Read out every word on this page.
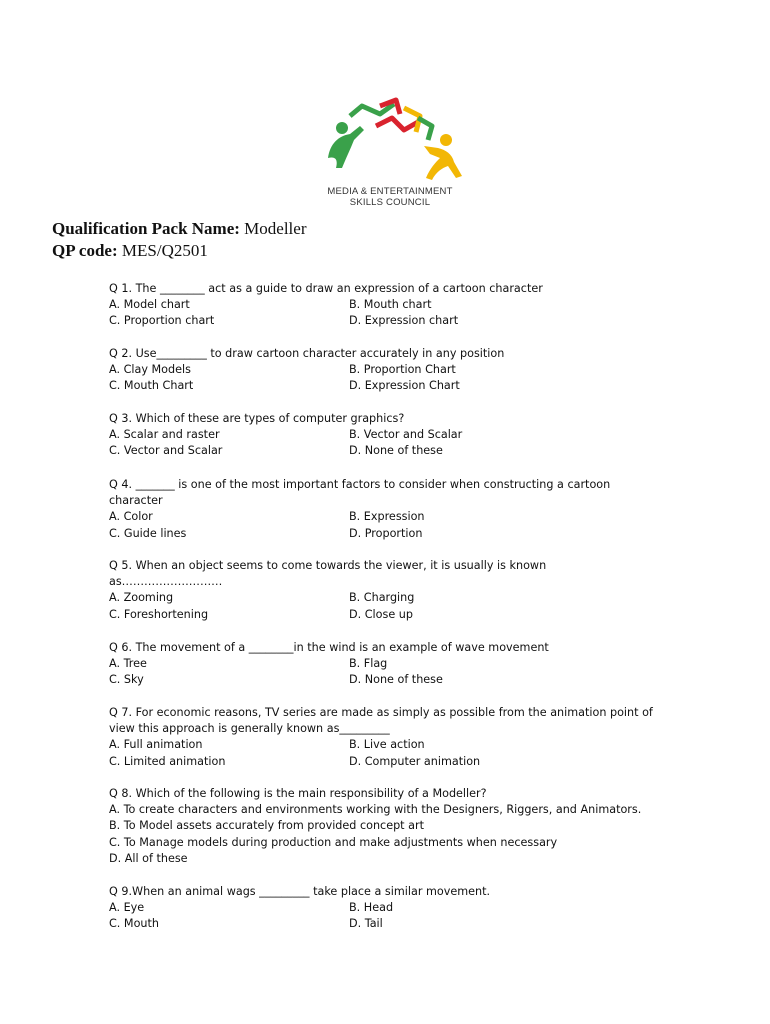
MEDIA & ENTERTAINMENT
SKILLS COUNCIL
Qualification Pack Name: Modeller
QP code: MES/Q2501
Q 1. The ________ act as a guide to draw an expression of a cartoon character
A. Model chart	B. Mouth chart
C. Proportion chart	D. Expression chart
Q 2. Use_________ to draw cartoon character accurately in any position
A. Clay Models	B. Proportion Chart
C. Mouth Chart	D. Expression Chart
Q 3. Which of these are types of computer graphics?
A. Scalar and raster	B. Vector and Scalar
C. Vector and Scalar	D. None of these
Q 4. _______ is one of the most important factors to consider when constructing a cartoon
character
A. Color	B. Expression
C. Guide lines	D. Proportion
Q 5. When an object seems to come towards the viewer, it is usually is known
as………………………
A. Zooming	B. Charging
C. Foreshortening	D. Close up
Q 6. The movement of a ________in the wind is an example of wave movement
A. Tree	B. Flag
C. Sky	D. None of these
Q 7. For economic reasons, TV series are made as simply as possible from the animation point of
view this approach is generally known as_________
A. Full animation	B. Live action
C. Limited animation	D. Computer animation
Q 8. Which of the following is the main responsibility of a Modeller?
A. To create characters and environments working with the Designers, Riggers, and Animators.
B. To Model assets accurately from provided concept art
C. To Manage models during production and make adjustments when necessary
D. All of these
Q 9.When an animal wags _________ take place a similar movement.
A. Eye	B. Head
C. Mouth	D. Tail
